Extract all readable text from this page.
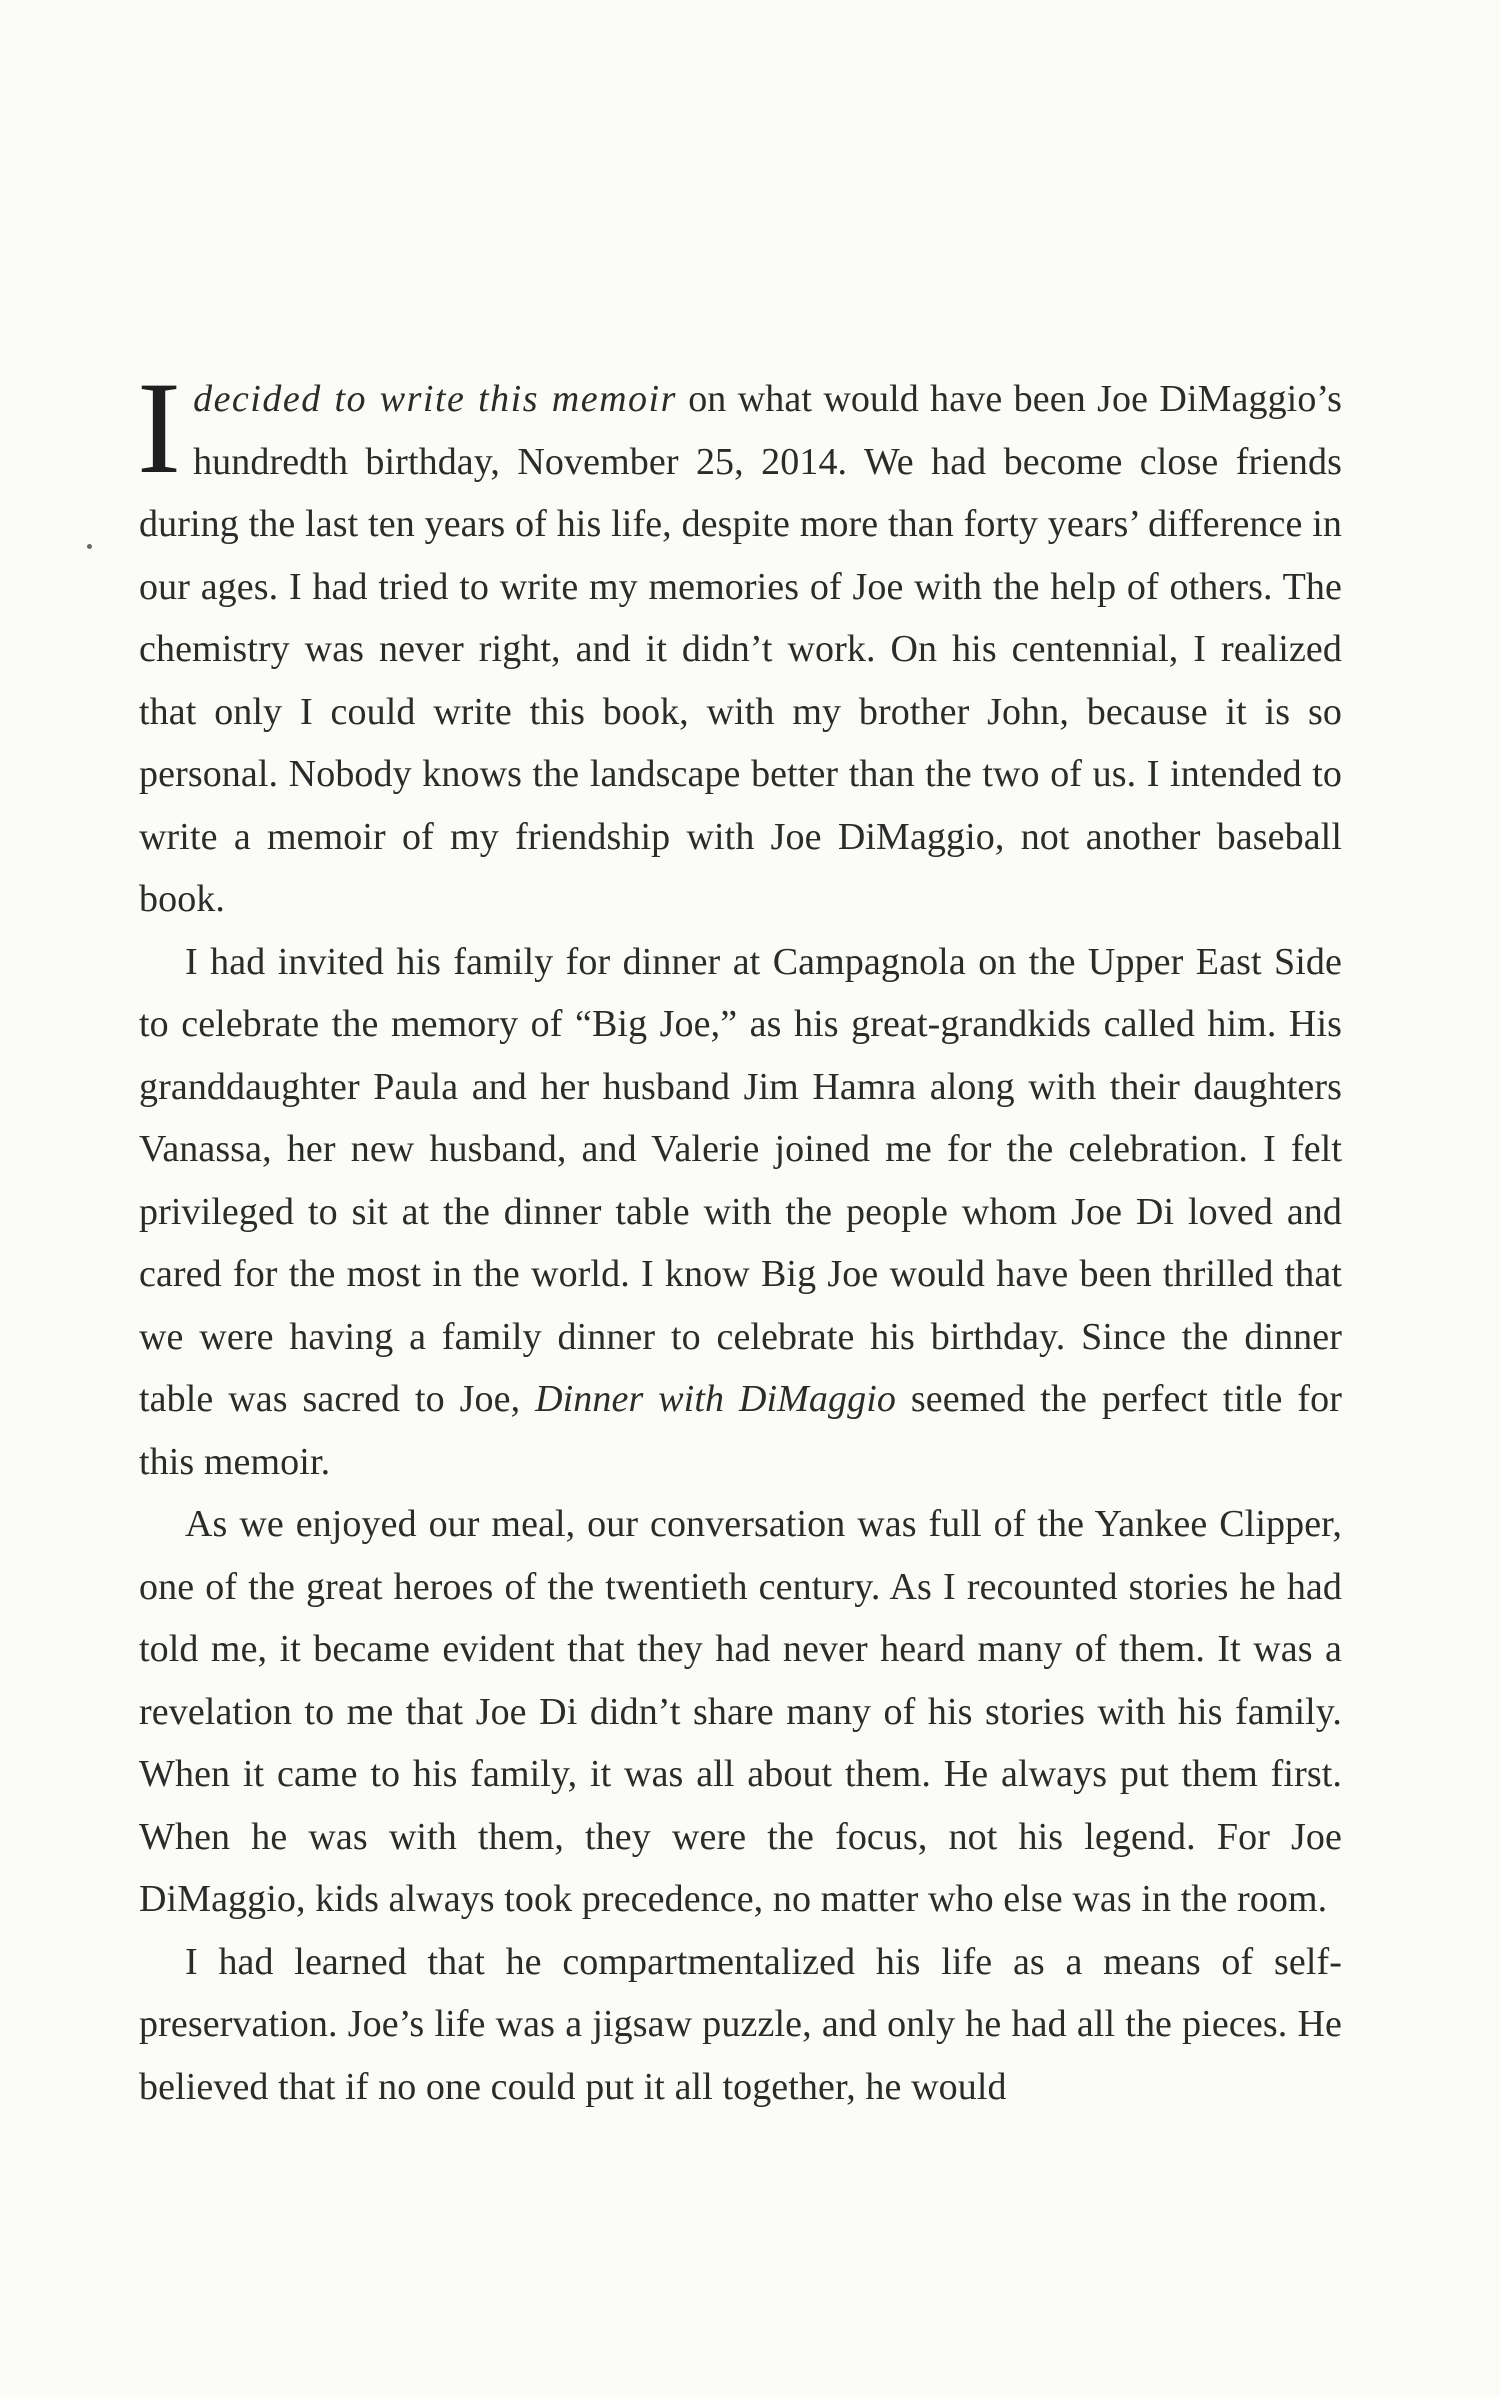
Idecided to write this memoir on what would have been Joe DiMaggio’s hundredth birthday, November 25, 2014. We had become close friends during the last ten years of his life, despite more than forty years’ difference in our ages. I had tried to write my memories of Joe with the help of others. The chemistry was never right, and it didn’t work. On his centennial, I realized that only I could write this book, with my brother John, because it is so personal. Nobody knows the landscape better than the two of us. I intended to write a memoir of my friendship with Joe DiMaggio, not another baseball book.

I had invited his family for dinner at Campagnola on the Upper East Side to celebrate the memory of “Big Joe,” as his great-grandkids called him. His granddaughter Paula and her husband Jim Hamra along with their daughters Vanassa, her new husband, and Valerie joined me for the celebration. I felt privileged to sit at the dinner table with the people whom Joe Di loved and cared for the most in the world. I know Big Joe would have been thrilled that we were having a family dinner to celebrate his birthday. Since the dinner table was sacred to Joe, Dinner with DiMaggio seemed the perfect title for this memoir.

As we enjoyed our meal, our conversation was full of the Yankee Clipper, one of the great heroes of the twentieth century. As I recounted stories he had told me, it became evident that they had never heard many of them. It was a revelation to me that Joe Di didn’t share many of his stories with his family. When it came to his family, it was all about them. He always put them first. When he was with them, they were the focus, not his legend. For Joe DiMaggio, kids always took precedence, no matter who else was in the room.

I had learned that he compartmentalized his life as a means of self-preservation. Joe’s life was a jigsaw puzzle, and only he had all the pieces. He believed that if no one could put it all together, he would
